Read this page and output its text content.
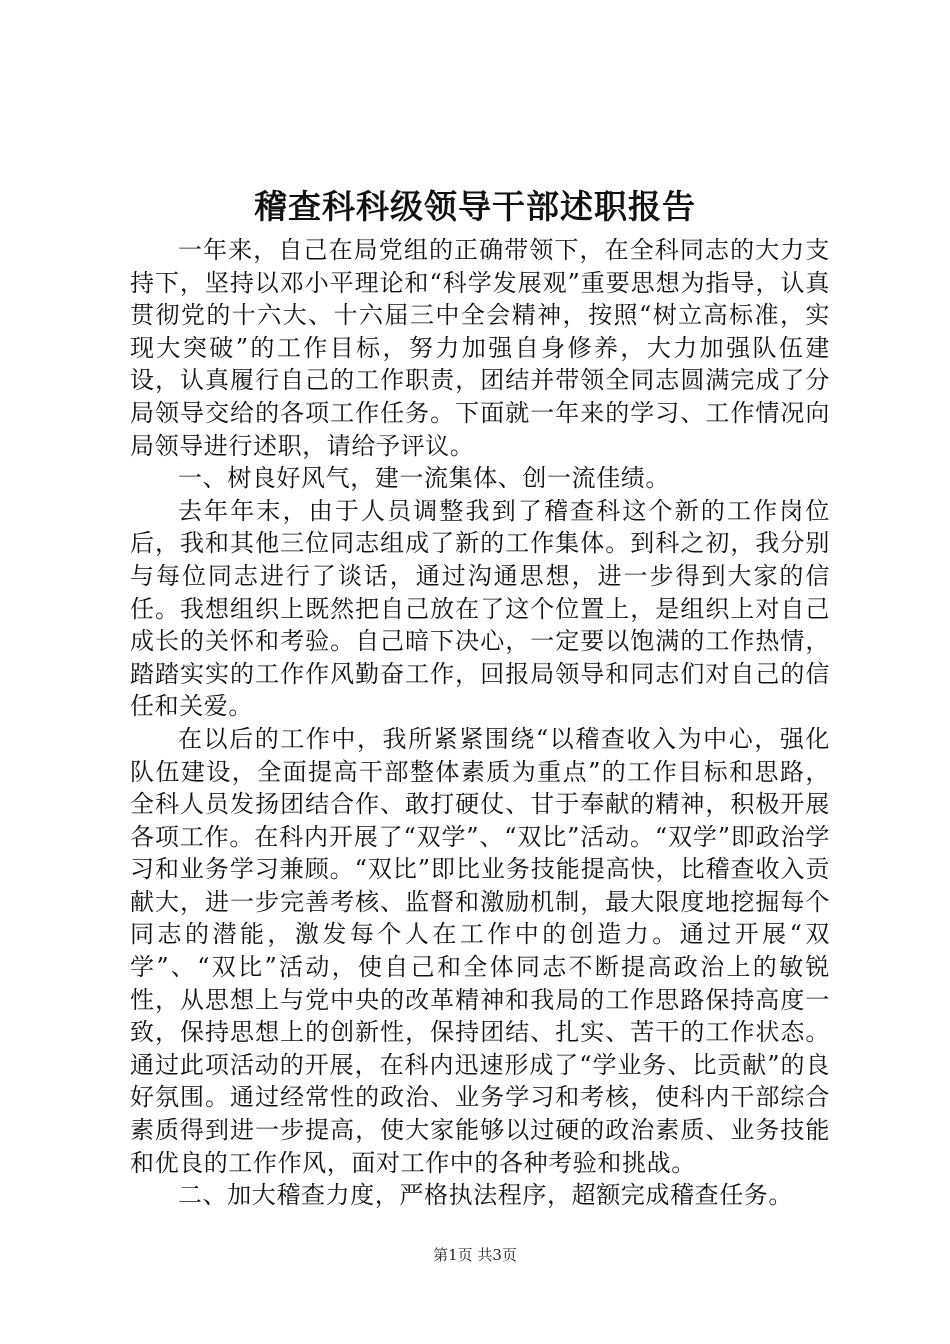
稽查科科级领导干部述职报告

一年来，自己在局党组的正确带领下，在全科同志的大力支持下，坚持以邓小平理论和“科学发展观”重要思想为指导，认真贯彻党的十六大、十六届三中全会精神，按照“树立高标准，实现大突破”的工作目标，努力加强自身修养，大力加强队伍建设，认真履行自己的工作职责，团结并带领全同志圆满完成了分局领导交给的各项工作任务。下面就一年来的学习、工作情况向局领导进行述职，请给予评议。

一、树良好风气，建一流集体、创一流佳绩。

去年年末，由于人员调整我到了稽查科这个新的工作岗位后，我和其他三位同志组成了新的工作集体。到科之初，我分别与每位同志进行了谈话，通过沟通思想，进一步得到大家的信任。我想组织上既然把自己放在了这个位置上，是组织上对自己成长的关怀和考验。自己暗下决心，一定要以饱满的工作热情，踏踏实实的工作作风勤奋工作，回报局领导和同志们对自己的信任和关爱。

在以后的工作中，我所紧紧围绕“以稽查收入为中心，强化队伍建设，全面提高干部整体素质为重点”的工作目标和思路，全科人员发扬团结合作、敢打硬仗、甘于奉献的精神，积极开展各项工作。在科内开展了“双学”、“双比”活动。“双学”即政治学习和业务学习兼顾。“双比”即比业务技能提高快，比稽查收入贡献大，进一步完善考核、监督和激励机制，最大限度地挖掘每个同志的潜能，激发每个人在工作中的创造力。通过开展“双学”、“双比”活动，使自己和全体同志不断提高政治上的敏锐性，从思想上与党中央的改革精神和我局的工作思路保持高度一致，保持思想上的创新性，保持团结、扎实、苦干的工作状态。通过此项活动的开展，在科内迅速形成了“学业务、比贡献”的良好氛围。通过经常性的政治、业务学习和考核，使科内干部综合素质得到进一步提高，使大家能够以过硬的政治素质、业务技能和优良的工作作风，面对工作中的各种考验和挑战。

二、加大稽查力度，严格执法程序，超额完成稽查任务。

第1页 共3页
